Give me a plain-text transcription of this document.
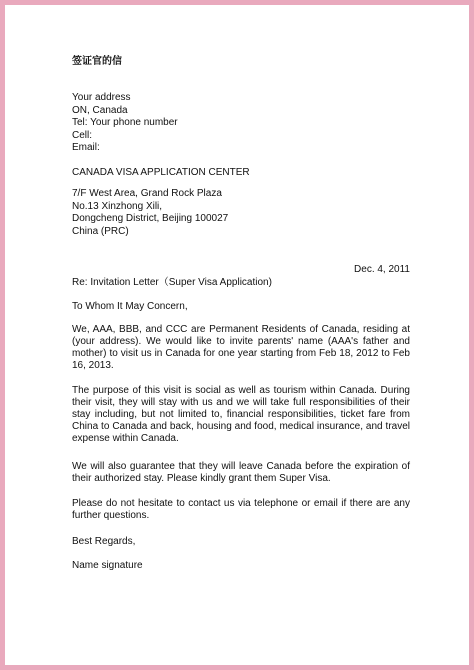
签证官的信
Your address
ON, Canada
Tel: Your phone number
Cell:
Email:
CANADA VISA APPLICATION CENTER
7/F West Area, Grand Rock Plaza
No.13 Xinzhong Xili,
Dongcheng District, Beijing 100027
China (PRC)
Dec. 4, 2011
Re: Invitation Letter（Super Visa Application)
To Whom It May Concern,
We, AAA, BBB, and CCC are Permanent Residents of Canada, residing at (your address). We would like to invite parents' name (AAA's father and mother) to visit us in Canada for one year starting from Feb 18, 2012 to Feb 16, 2013.
The purpose of this visit is social as well as tourism within Canada. During their visit, they will stay with us and we will take full responsibilities of their stay including, but not limited to, financial responsibilities, ticket fare from China to Canada and back, housing and food, medical insurance, and travel expense within Canada.
We will also guarantee that they will leave Canada before the expiration of their authorized stay. Please kindly grant them Super Visa.
Please do not hesitate to contact us via telephone or email if there are any further questions.
Best Regards,
Name signature
